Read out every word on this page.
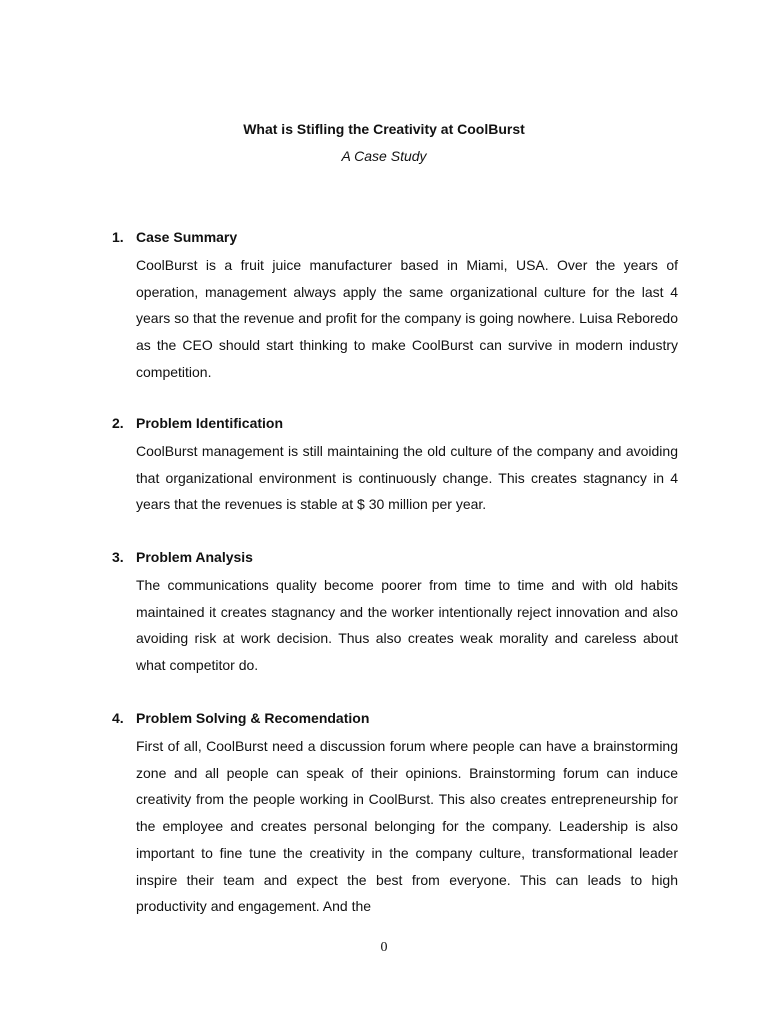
What is Stifling the Creativity at CoolBurst
A Case Study
1. Case Summary
CoolBurst is a fruit juice manufacturer based in Miami, USA. Over the years of operation, management always apply the same organizational culture for the last 4 years so that the revenue and profit for the company is going nowhere. Luisa Reboredo as the CEO should start thinking to make CoolBurst can survive in modern industry competition.
2. Problem Identification
CoolBurst management is still maintaining the old culture of the company and avoiding that organizational environment is continuously change. This creates stagnancy in 4 years that the revenues is stable at $ 30 million per year.
3. Problem Analysis
The communications quality become poorer from time to time and with old habits maintained it creates stagnancy and the worker intentionally reject innovation and also avoiding risk at work decision. Thus also creates weak morality and careless about what competitor do.
4. Problem Solving & Recomendation
First of all, CoolBurst need a discussion forum where people can have a brainstorming zone and all people can speak of their opinions. Brainstorming forum can induce creativity from the people working in CoolBurst. This also creates entrepreneurship for the employee and creates personal belonging for the company. Leadership is also important to fine tune the creativity in the company culture, transformational leader inspire their team and expect the best from everyone. This can leads to high productivity and engagement. And the
0
